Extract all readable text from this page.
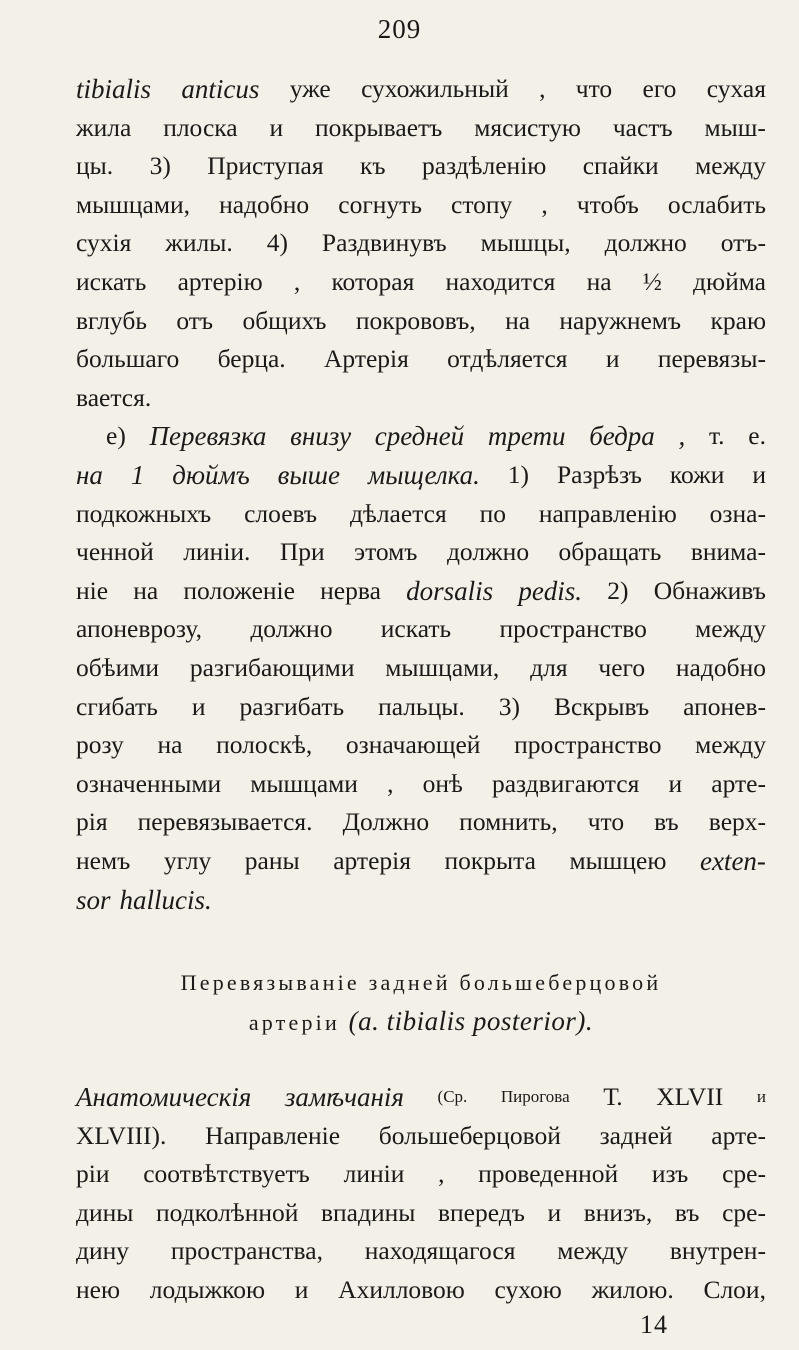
209
tibialis anticus уже сухожильный , что его сухая
жила плоска и покрываетъ мясистую частъ мыш-
цы. 3) Приступая къ раздѣленію спайки между
мышцами, надобно согнуть стопу , чтобъ ослабить
сухія жилы. 4) Раздвинувъ мышцы, должно отъ-
искать артерію , которая находится на ½ дюйма
вглубь отъ общихъ покрововъ, на наружнемъ краю
большаго берца. Артерія отдѣляется и перевязы-
вается.
e) Перевязка внизу средней трети бедра , т. е.
на 1 дюймъ выше мыщелка. 1) Разрѣзъ кожи и
подкожныхъ слоевъ дѣлается по направленію озна-
ченной линіи. При этомъ должно обращать внима-
ніе на положеніе нерва dorsalis pedis. 2) Обнаживъ
апоневрозу, должно искать пространство между
обѣими разгибающими мышцами, для чего надобно
сгибать и разгибать пальцы. 3) Вскрывъ апонев-
розу на полоскѣ, означающей пространство между
означенными мышцами , онѣ раздвигаются и арте-
рія перевязывается. Должно помнить, что въ верх-
немъ углу раны артерія покрыта мышцею exten-
sor hallucis.
Перевязываніе задней большеберцовой
артеріи (a. tibialis posterior).
Анатомическія замѣчанія (Ср. Пирогова Т. XLVII и
XLVIII). Направленіе большеберцовой задней арте-
ріи соотвѣтствуетъ линіи , проведенной изъ сре-
дины подколѣнной впадины впередъ и внизъ, въ сре-
дину пространства, находящагося между внутрен-
нею лодыжкою и Ахилловою сухою жилою. Слои,
14
